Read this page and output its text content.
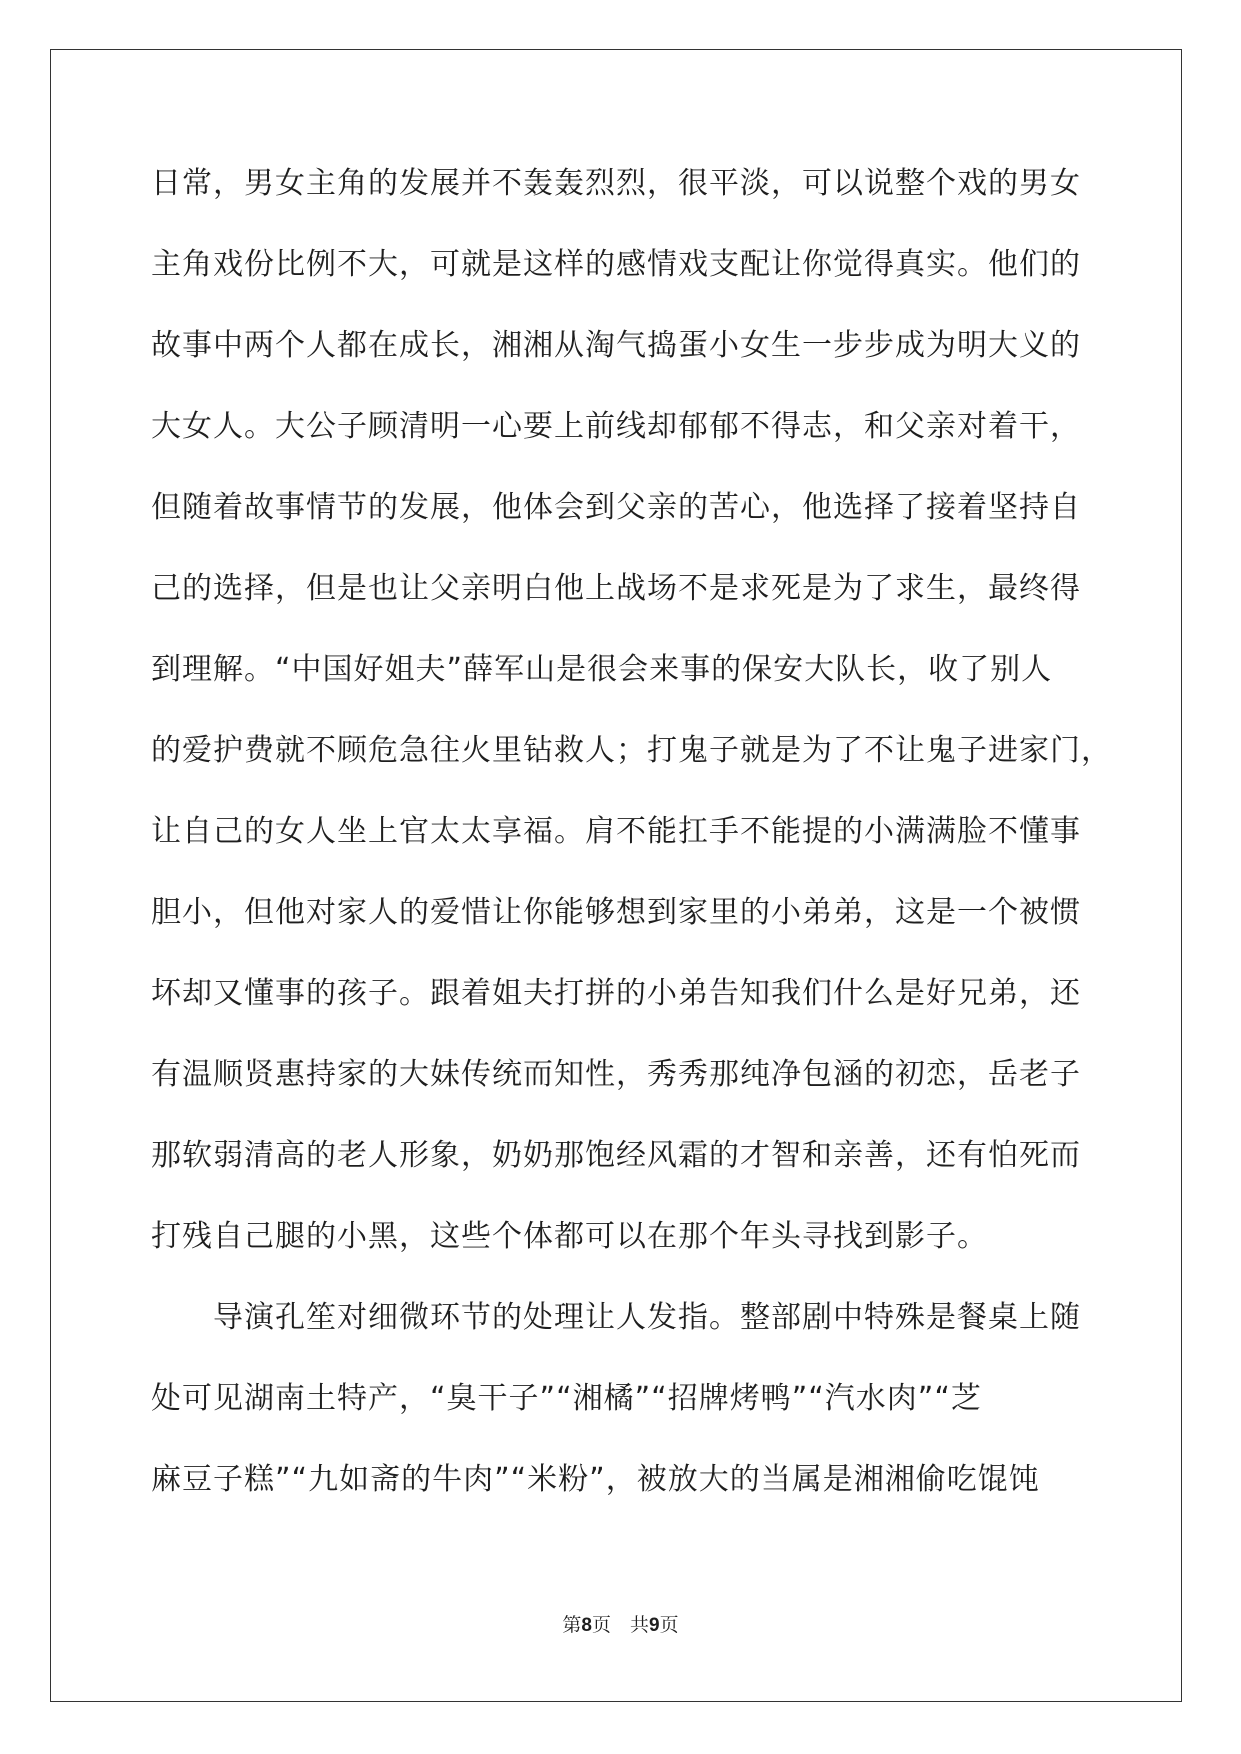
日常，男女主角的发展并不轰轰烈烈，很平淡，可以说整个戏的男女
主角戏份比例不大，可就是这样的感情戏支配让你觉得真实。他们的
故事中两个人都在成长，湘湘从淘气捣蛋小女生一步步成为明大义的
大女人。大公子顾清明一心要上前线却郁郁不得志，和父亲对着干，
但随着故事情节的发展，他体会到父亲的苦心，他选择了接着坚持自
己的选择，但是也让父亲明白他上战场不是求死是为了求生，最终得
到理解。“中国好姐夫”薛军山是很会来事的保安大队长，收了别人
的爱护费就不顾危急往火里钻救人；打鬼子就是为了不让鬼子进家门，
让自己的女人坐上官太太享福。肩不能扛手不能提的小满满脸不懂事
胆小，但他对家人的爱惜让你能够想到家里的小弟弟，这是一个被惯
坏却又懂事的孩子。跟着姐夫打拼的小弟告知我们什么是好兄弟，还
有温顺贤惠持家的大妹传统而知性，秀秀那纯净包涵的初恋，岳老子
那软弱清高的老人形象，奶奶那饱经风霜的才智和亲善，还有怕死而
打残自己腿的小黑，这些个体都可以在那个年头寻找到影子。
　　导演孔笙对细微环节的处理让人发指。整部剧中特殊是餐桌上随
处可见湖南土特产，“臭干子”“湘橘”“招牌烤鸭”“汽水肉”“芝
麻豆子糕”“九如斋的牛肉”“米粉”，被放大的当属是湘湘偷吃馄饨
第8页　共9页
